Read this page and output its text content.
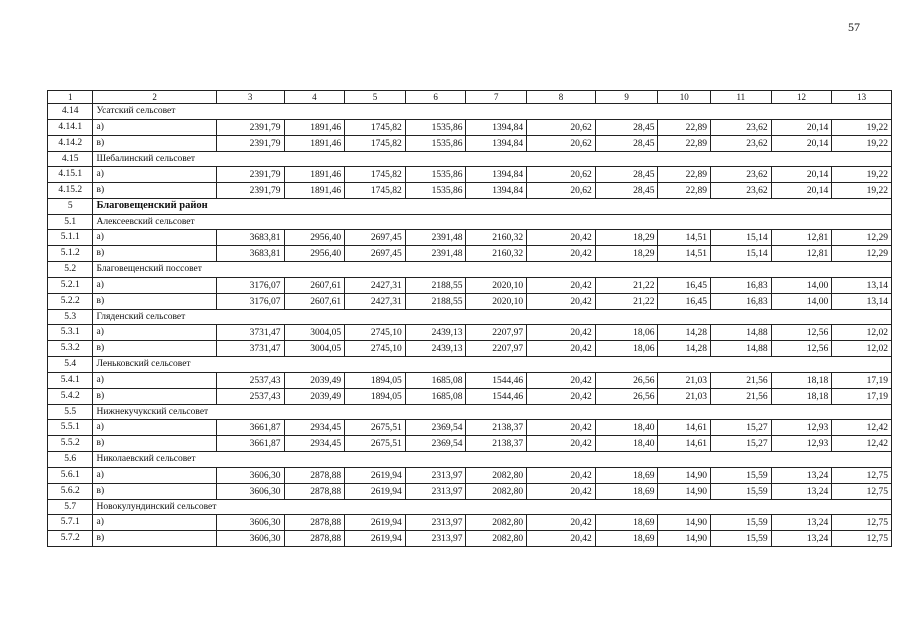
57
1	2	3	4	5	6	7	8	9	10	11	12	13
4.14	Усатский сельсовет											
4.14.1	а)	2391,79	1891,46	1745,82	1535,86	1394,84	20,62	28,45	22,89	23,62	20,14	19,22
4.14.2	в)	2391,79	1891,46	1745,82	1535,86	1394,84	20,62	28,45	22,89	23,62	20,14	19,22
4.15	Шебалинский сельсовет											
4.15.1	а)	2391,79	1891,46	1745,82	1535,86	1394,84	20,62	28,45	22,89	23,62	20,14	19,22
4.15.2	в)	2391,79	1891,46	1745,82	1535,86	1394,84	20,62	28,45	22,89	23,62	20,14	19,22
5	Благовещенский район											
5.1	Алексеевский сельсовет											
5.1.1	а)	3683,81	2956,40	2697,45	2391,48	2160,32	20,42	18,29	14,51	15,14	12,81	12,29
5.1.2	в)	3683,81	2956,40	2697,45	2391,48	2160,32	20,42	18,29	14,51	15,14	12,81	12,29
5.2	Благовещенский поссовет											
5.2.1	а)	3176,07	2607,61	2427,31	2188,55	2020,10	20,42	21,22	16,45	16,83	14,00	13,14
5.2.2	в)	3176,07	2607,61	2427,31	2188,55	2020,10	20,42	21,22	16,45	16,83	14,00	13,14
5.3	Гляденский сельсовет											
5.3.1	а)	3731,47	3004,05	2745,10	2439,13	2207,97	20,42	18,06	14,28	14,88	12,56	12,02
5.3.2	в)	3731,47	3004,05	2745,10	2439,13	2207,97	20,42	18,06	14,28	14,88	12,56	12,02
5.4	Леньковский сельсовет											
5.4.1	а)	2537,43	2039,49	1894,05	1685,08	1544,46	20,42	26,56	21,03	21,56	18,18	17,19
5.4.2	в)	2537,43	2039,49	1894,05	1685,08	1544,46	20,42	26,56	21,03	21,56	18,18	17,19
5.5	Нижнекучукский сельсовет											
5.5.1	а)	3661,87	2934,45	2675,51	2369,54	2138,37	20,42	18,40	14,61	15,27	12,93	12,42
5.5.2	в)	3661,87	2934,45	2675,51	2369,54	2138,37	20,42	18,40	14,61	15,27	12,93	12,42
5.6	Николаевский сельсовет											
5.6.1	а)	3606,30	2878,88	2619,94	2313,97	2082,80	20,42	18,69	14,90	15,59	13,24	12,75
5.6.2	в)	3606,30	2878,88	2619,94	2313,97	2082,80	20,42	18,69	14,90	15,59	13,24	12,75
5.7	Новокулундинский сельсовет											
5.7.1	а)	3606,30	2878,88	2619,94	2313,97	2082,80	20,42	18,69	14,90	15,59	13,24	12,75
5.7.2	в)	3606,30	2878,88	2619,94	2313,97	2082,80	20,42	18,69	14,90	15,59	13,24	12,75
